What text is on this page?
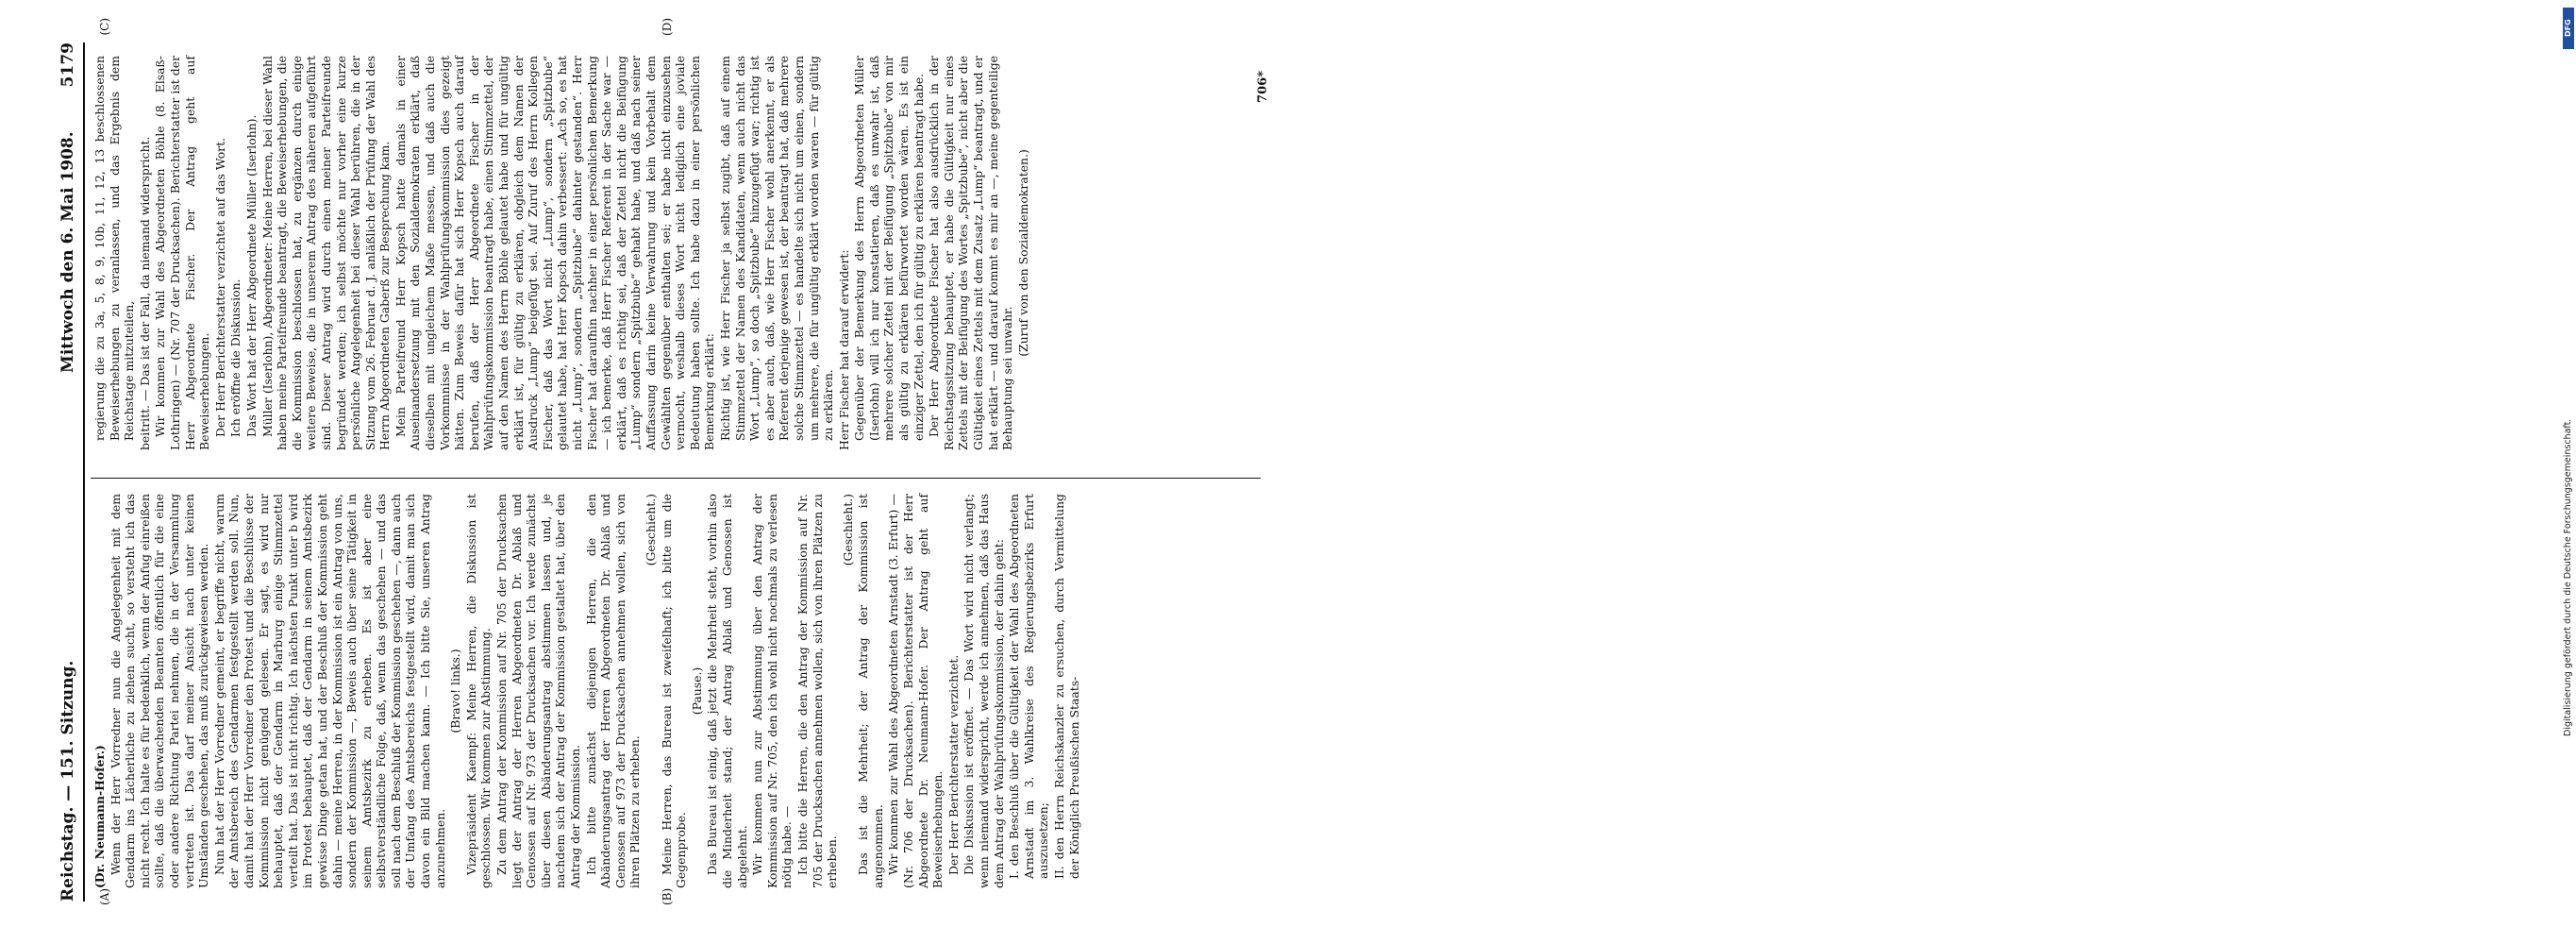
Reichstag. — 151. Sitzung.
Mittwoch den 6. Mai 1908.
5179
(A)	(B)
(C)	(D)

(Dr. Neumann-Hofer.) Wenn der Herr Vorredner nun die Angelegenheit mit dem Gendarm ins Lächerliche zu ziehen sucht, so versteht ich das nicht recht. Ich halte es für bedenklich, wenn der Anfug einreißen sollte, daß die überwachenden Beamten öffentlich für die eine oder andere Richtung Partei nehmen, die in der Versammlung vertreten ist. Das darf meiner Ansicht nach unter keinen Umständen geschehen, das muß zurückgewiesen werden. Nun hat der Herr Vorredner gemeint, er begriffe nicht, warum der Amtsbereich des Gendarmen festgestellt werden soll. Nun, damit hat der Herr Vorredner den Protest und die Beschlüsse der Kommission nicht genügend gelesen. Er sagt, es wird nur behauptet, daß der Gendarm in Marburg einige Stimmzettel verteilt hat. Das ist nicht richtig. Ich nächsten Punkt unter b wird im Protest behauptet, daß der Gendarm in seinem Amtsbezirk gewisse Dinge getan hat, und der Beschluß der Kommission geht dahin — meine Herren, in der Kommission ist ein Antrag von uns, sondern der Kommission —, Beweis auch über seine Tätigkeit in seinem Amtsbezirk zu erheben. Es ist aber eine selbstverständliche Folge, daß, wenn das geschehen — und das soll nach dem Beschluß der Kommission geschehen —, dann auch der Umfang des Amtsbereichs festgestellt wird, damit man sich davon ein Bild machen kann. — Ich bitte Sie, unseren Antrag anzunehmen.

(Bravo! links.) Vizepräsident Kaempf: Meine Herren, die Diskussion ist geschlossen. Wir kommen zur Abstimmung. Zu dem Antrag der Kommission auf Nr. 705 der Drucksachen liegt der Antrag der Herren Abgeordneten Dr. Ablaß und Genossen auf Nr. 973 der Drucksachen vor. Ich werde zunächst über diesen Abänderungsantrag abstimmen lassen und, je nachdem sich der Antrag der Kommission gestaltet hat, über den Antrag der Kommission. Ich bitte zunächst diejenigen Herren, die den Abänderungsantrag der Herren Abgeordneten Dr. Ablaß und Genossen auf 973 der Drucksachen annehmen wollen, sich von ihren Plätzen zu erheben.

(Geschieht.) Meine Herren, das Bureau ist zweifelhaft; ich bitte um die Gegenprobe.

(Pause.) Das Bureau ist einig, daß jetzt die Mehrheit steht, vorhin also die Minderheit stand; der Antrag Ablaß und Genossen ist abgelehnt. Wir kommen nun zur Abstimmung über den Antrag der Kommission auf Nr. 705, den ich wohl nicht nochmals zu verlesen nötig habe. — Ich bitte die Herren, die den Antrag der Kommission auf Nr. 705 der Drucksachen annehmen wollen, sich von ihren Plätzen zu erheben.

(Geschieht.) Das ist die Mehrheit; der Antrag der Kommission ist angenommen. Wir kommen zur Wahl des Abgeordneten Arnstadt (3. Erfurt) — (Nr. 706 der Drucksachen). Berichterstatter ist der Herr Abgeordnete Dr. Neumann-Hofer. Der Antrag geht auf Beweiserhebungen. Der Herr Berichterstatter verzichtet. Die Diskussion ist eröffnet. — Das Wort wird nicht verlangt; wenn niemand widerspricht, werde ich annehmen, daß das Haus dem Antrag der Wahlprüfungskommission, der dahin geht: I. den Beschluß über die Gültigkeit der Wahl des Abgeordneten Arnstadt im 3. Wahlkreise des Regierungsbezirks Erfurt auszusetzen; II. den Herrn Reichskanzler zu ersuchen, durch Vermittelung der Königlich Preußischen Staats-

regierung die zu 3a, 5, 8, 9, 10b, 11, 12, 13 beschlossenen Beweiserhebungen zu veranlassen, und das Ergebnis dem Reichstage mitzuteilen, beitritt. — Das ist der Fall, da niemand widerspricht. Wir kommen zur Wahl des Abgeordneten Böhle (8. Elsaß-Lothringen) — (Nr. 707 der Drucksachen). Berichterstatter ist der Herr Abgeordnete Fischer. Der Antrag geht auf Beweiserhebungen. Der Herr Berichterstatter verzichtet auf das Wort. Ich eröffne die Diskussion. Das Wort hat der Herr Abgeordnete Müller (Iserlohn). Müller (Iserlohn), Abgeordneter: Meine Herren, bei dieser Wahl haben meine Parteifreunde beantragt, die Beweiserhebungen, die die Kommission beschlossen hat, zu ergänzen durch einige weitere Beweise, die in unserem Antrag des näheren aufgeführt sind. Dieser Antrag wird durch einen meiner Parteifreunde begründet werden; ich selbst möchte nur vorher eine kurze persönliche Angelegenheit bei dieser Wahl berühren, die in der Sitzung vom 26. Februar d. J. anläßlich der Prüfung der Wahl des Herrn Abgeordneten Gaberß zur Besprechung kam. Mein Parteifreund Herr Kopsch hatte damals in einer Auseinandersetzung mit den Sozialdemokraten erklärt, daß dieselben mit ungleichem Maße messen, und daß auch die Vorkommnisse in der Wahlprüfungskommission dies gezeigt hätten. Zum Beweis dafür hat sich Herr Kopsch auch darauf berufen, daß der Herr Abgeordnete Fischer in der Wahlprüfungskommission beantragt habe, einen Stimmzettel, der auf den Namen des Herrn Böhle gelautet habe und für ungültig erklärt ist, für gültig zu erklären, obgleich dem Namen der Ausdruck „Lump“ beigefügt sei. Auf Zuruf des Herrn Kollegen Fischer, daß das Wort nicht „Lump“, sondern „Spitzbube“ gelautet habe, hat Herr Kopsch dahin verbessert: „Ach so, es hat nicht „Lump“, sondern „Spitzbube“ dahinter gestanden“. Herr Fischer hat daraufhin nachher in einer persönlichen Bemerkung — ich bemerke, daß Herr Fischer Referent in der Sache war — erklärt, daß es richtig sei, daß der Zettel nicht die Beifügung „Lump“ sondern „Spitzbube“ gehabt habe, und daß nach seiner Auffassung darin keine Verwahrung und kein Vorbehalt dem Gewählten gegenüber enthalten sei; er habe nicht einzusehen vermocht, weshalb dieses Wort nicht lediglich eine joviale Bedeutung haben sollte. Ich habe dazu in einer persönlichen Bemerkung erklärt: Richtig ist, wie Herr Fischer ja selbst zugibt, daß auf einem Stimmzettel der Namen des Kandidaten, wenn auch nicht das Wort „Lump“, so doch „Spitzbube“ hinzugefügt war; richtig ist es aber auch, daß, wie Herr Fischer wohl anerkennt, er als Referent derjenige gewesen ist, der beantragt hat, daß mehrere solche Stimmzettel — es handelte sich nicht um einen, sondern um mehrere, die für ungültig erklärt worden waren — für gültig zu erklären. Herr Fischer hat darauf erwidert: Gegenüber der Bemerkung des Herrn Abgeordneten Müller (Iserlohn) will ich nur konstatieren, daß es unwahr ist, daß mehrere solcher Zettel mit der Beifügung „Spitzbube“ von mir als gültig zu erklären befürwortet worden wären. Es ist ein einziger Zettel, den ich für gültig zu erklären beantragt habe. Der Herr Abgeordnete Fischer hat also ausdrücklich in der Reichstagssitzung behauptet, er habe die Gültigkeit nur eines Zettels mit der Beifügung des Wortes „Spitzbube“, nicht aber die Gültigkeit eines Zettels mit dem Zusatz „Lump“ beantragt, und er hat erklärt — und darauf kommt es mir an —, meine gegenteilige Behauptung sei unwahr.

(Zuruf von den Sozialdemokraten.)

706*
DFG
Digitalisierung gefördert durch die Deutsche Forschungsgemeinschaft.
